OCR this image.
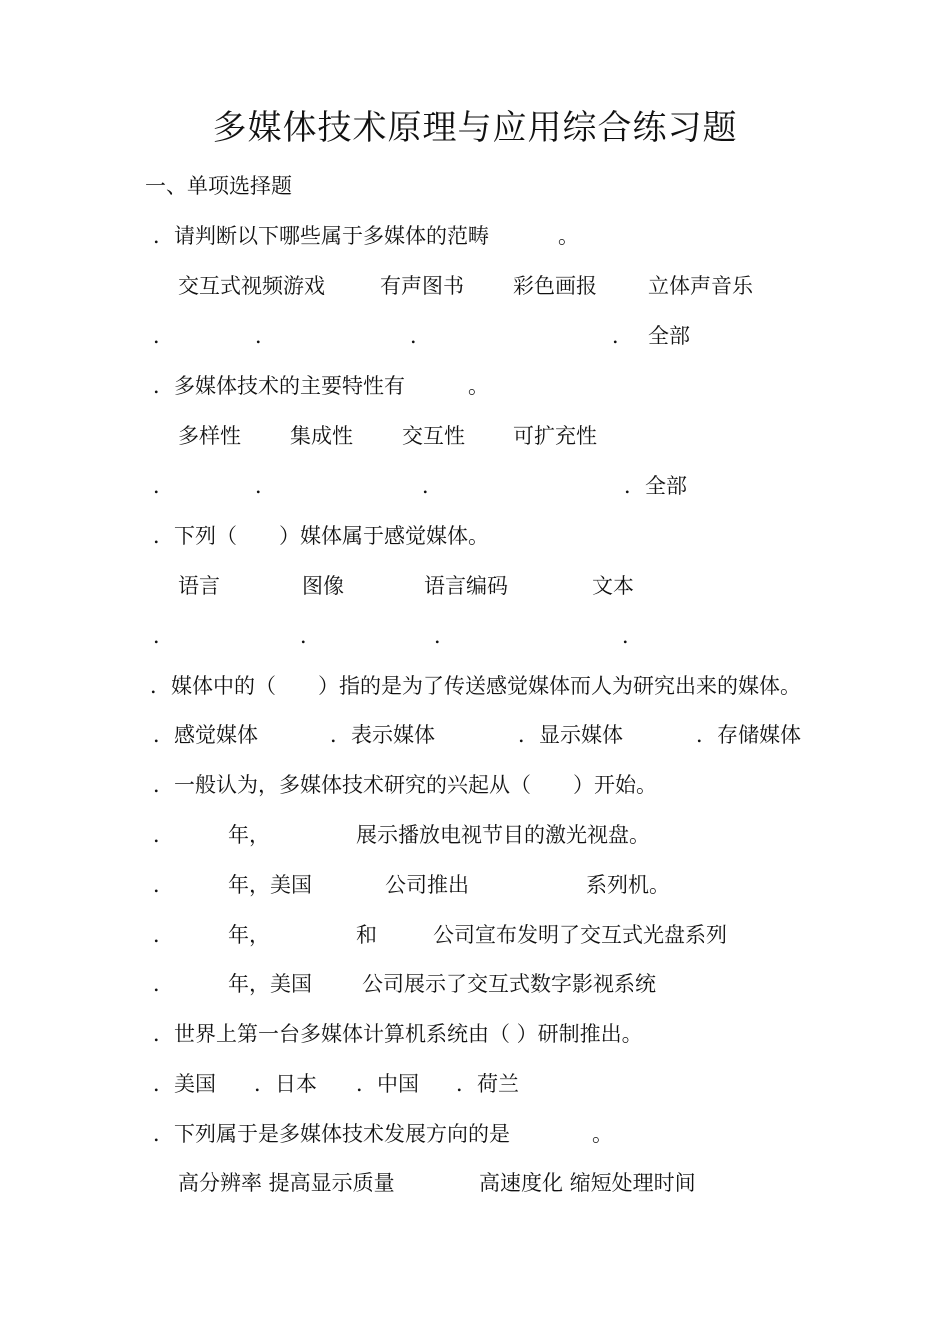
多媒体技术原理与应用综合练习题
一、单项选择题
．请判断以下哪些属于多媒体的范畴	。
交互式视频游戏	有声图书 彩色画报 立体声音乐
．	．	．	． 全部
．多媒体技术的主要特性有	。
多样性 集成性 交互性 可扩充性
．	．	．	．全部
．下列（　　）媒体属于感觉媒体。
语言	图像	语言编码	文本
．	．	．	．
．媒体中的（　　）指的是为了传送感觉媒体而人为研究出来的媒体。
．感觉媒体	．表示媒体	．显示媒体	．存储媒体
．一般认为，多媒体技术研究的兴起从（　　）开始。
．	年，	展示播放电视节目的激光视盘。
．	年，美国	公司推出	系列机。
．	年，	和	公司宣布发明了交互式光盘系列
．	年，美国 公司展示了交互式数字影视系统
．世界上第一台多媒体计算机系统由（ ）研制推出。
．美国 ．日本 ．中国 ．荷兰
．下列属于是多媒体技术发展方向的是	。
高分辨率 提高显示质量	高速度化 缩短处理时间
